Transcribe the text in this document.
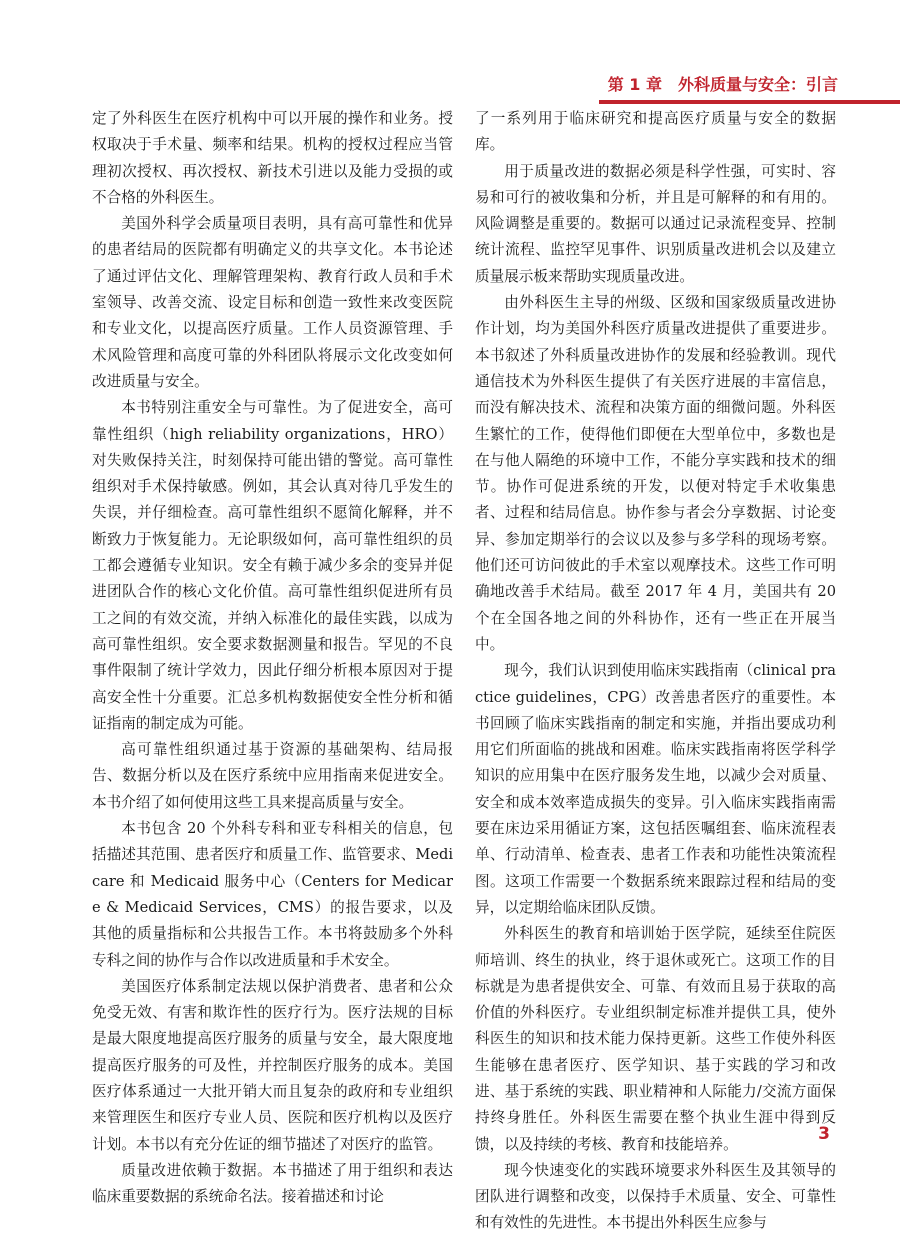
第 1 章　外科质量与安全：引言

定了外科医生在医疗机构中可以开展的操作和业务。授权取决于手术量、频率和结果。机构的授权过程应当管理初次授权、再次授权、新技术引进以及能力受损的或不合格的外科医生。

美国外科学会质量项目表明，具有高可靠性和优异的患者结局的医院都有明确定义的共享文化。本书论述了通过评估文化、理解管理架构、教育行政人员和手术室领导、改善交流、设定目标和创造一致性来改变医院和专业文化，以提高医疗质量。工作人员资源管理、手术风险管理和高度可靠的外科团队将展示文化改变如何改进质量与安全。

本书特别注重安全与可靠性。为了促进安全，高可靠性组织（high reliability organizations，HRO）对失败保持关注，时刻保持可能出错的警觉。高可靠性组织对手术保持敏感。例如，其会认真对待几乎发生的失误，并仔细检查。高可靠性组织不愿简化解释，并不断致力于恢复能力。无论职级如何，高可靠性组织的员工都会遵循专业知识。安全有赖于减少多余的变异并促进团队合作的核心文化价值。高可靠性组织促进所有员工之间的有效交流，并纳入标准化的最佳实践，以成为高可靠性组织。安全要求数据测量和报告。罕见的不良事件限制了统计学效力，因此仔细分析根本原因对于提高安全性十分重要。汇总多机构数据使安全性分析和循证指南的制定成为可能。

高可靠性组织通过基于资源的基础架构、结局报告、数据分析以及在医疗系统中应用指南来促进安全。本书介绍了如何使用这些工具来提高质量与安全。

本书包含 20 个外科专科和亚专科相关的信息，包括描述其范围、患者医疗和质量工作、监管要求、Medicare 和 Medicaid 服务中心（Centers for Medicare & Medicaid Services，CMS）的报告要求，以及其他的质量指标和公共报告工作。本书将鼓励多个外科专科之间的协作与合作以改进质量和手术安全。

美国医疗体系制定法规以保护消费者、患者和公众免受无效、有害和欺诈性的医疗行为。医疗法规的目标是最大限度地提高医疗服务的质量与安全，最大限度地提高医疗服务的可及性，并控制医疗服务的成本。美国医疗体系通过一大批开销大而且复杂的政府和专业组织来管理医生和医疗专业人员、医院和医疗机构以及医疗计划。本书以有充分佐证的细节描述了对医疗的监管。

质量改进依赖于数据。本书描述了用于组织和表达临床重要数据的系统命名法。接着描述和讨论

了一系列用于临床研究和提高医疗质量与安全的数据库。

用于质量改进的数据必须是科学性强，可实时、容易和可行的被收集和分析，并且是可解释的和有用的。风险调整是重要的。数据可以通过记录流程变异、控制统计流程、监控罕见事件、识别质量改进机会以及建立质量展示板来帮助实现质量改进。

由外科医生主导的州级、区级和国家级质量改进协作计划，均为美国外科医疗质量改进提供了重要进步。本书叙述了外科质量改进协作的发展和经验教训。现代通信技术为外科医生提供了有关医疗进展的丰富信息，而没有解决技术、流程和决策方面的细微问题。外科医生繁忙的工作，使得他们即便在大型单位中，多数也是在与他人隔绝的环境中工作，不能分享实践和技术的细节。协作可促进系统的开发，以便对特定手术收集患者、过程和结局信息。协作参与者会分享数据、讨论变异、参加定期举行的会议以及参与多学科的现场考察。他们还可访问彼此的手术室以观摩技术。这些工作可明确地改善手术结局。截至 2017 年 4 月，美国共有 20 个在全国各地之间的外科协作，还有一些正在开展当中。

现今，我们认识到使用临床实践指南（clinical practice guidelines，CPG）改善患者医疗的重要性。本书回顾了临床实践指南的制定和实施，并指出要成功利用它们所面临的挑战和困难。临床实践指南将医学科学知识的应用集中在医疗服务发生地，以减少会对质量、安全和成本效率造成损失的变异。引入临床实践指南需要在床边采用循证方案，这包括医嘱组套、临床流程表单、行动清单、检查表、患者工作表和功能性决策流程图。这项工作需要一个数据系统来跟踪过程和结局的变异，以定期给临床团队反馈。

外科医生的教育和培训始于医学院，延续至住院医师培训、终生的执业，终于退休或死亡。这项工作的目标就是为患者提供安全、可靠、有效而且易于获取的高价值的外科医疗。专业组织制定标准并提供工具，使外科医生的知识和技术能力保持更新。这些工作使外科医生能够在患者医疗、医学知识、基于实践的学习和改进、基于系统的实践、职业精神和人际能力/交流方面保持终身胜任。外科医生需要在整个执业生涯中得到反馈，以及持续的考核、教育和技能培养。

现今快速变化的实践环境要求外科医生及其领导的团队进行调整和改变，以保持手术质量、安全、可靠性和有效性的先进性。本书提出外科医生应参与

3
